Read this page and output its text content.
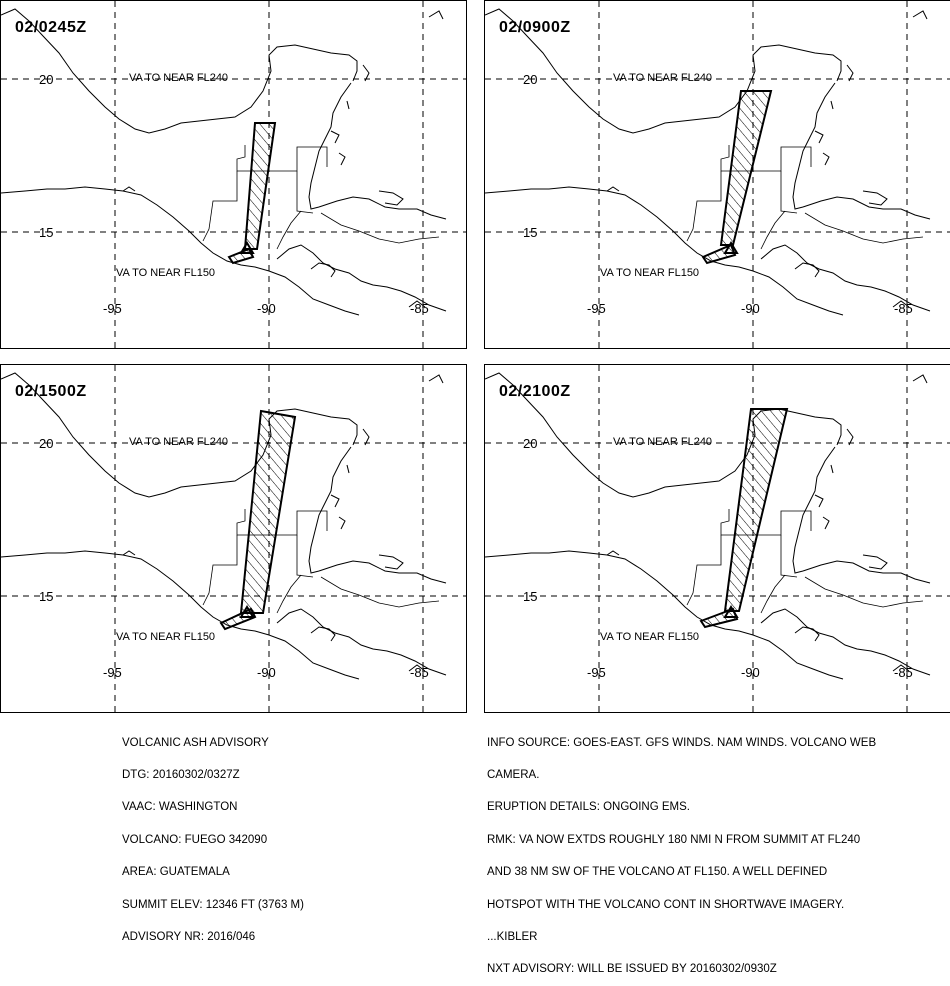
02/0245Z
VA TO NEAR FL240
VA TO NEAR FL150
20
15
-95	-90	-85
02/0900Z
VA TO NEAR FL240
VA TO NEAR FL150
20
15
-95	-90	-85
02/1500Z
VA TO NEAR FL240
VA TO NEAR FL150
20
15
-95	-90	-85
02/2100Z
VA TO NEAR FL240
VA TO NEAR FL150
20
15
-95	-90	-85

VOLCANIC ASH ADVISORY

DTG: 20160302/0327Z

VAAC: WASHINGTON

VOLCANO: FUEGO 342090

AREA: GUATEMALA

SUMMIT ELEV: 12346 FT (3763 M)

ADVISORY NR: 2016/046

INFO SOURCE: GOES-EAST. GFS WINDS. NAM WINDS. VOLCANO WEB

CAMERA.

ERUPTION DETAILS: ONGOING EMS.

RMK: VA NOW EXTDS ROUGHLY 180 NMI N FROM SUMMIT AT FL240

AND 38 NM SW OF THE VOLCANO AT FL150. A WELL DEFINED

HOTSPOT WITH THE VOLCANO CONT IN SHORTWAVE IMAGERY.

...KIBLER

NXT ADVISORY: WILL BE ISSUED BY 20160302/0930Z
